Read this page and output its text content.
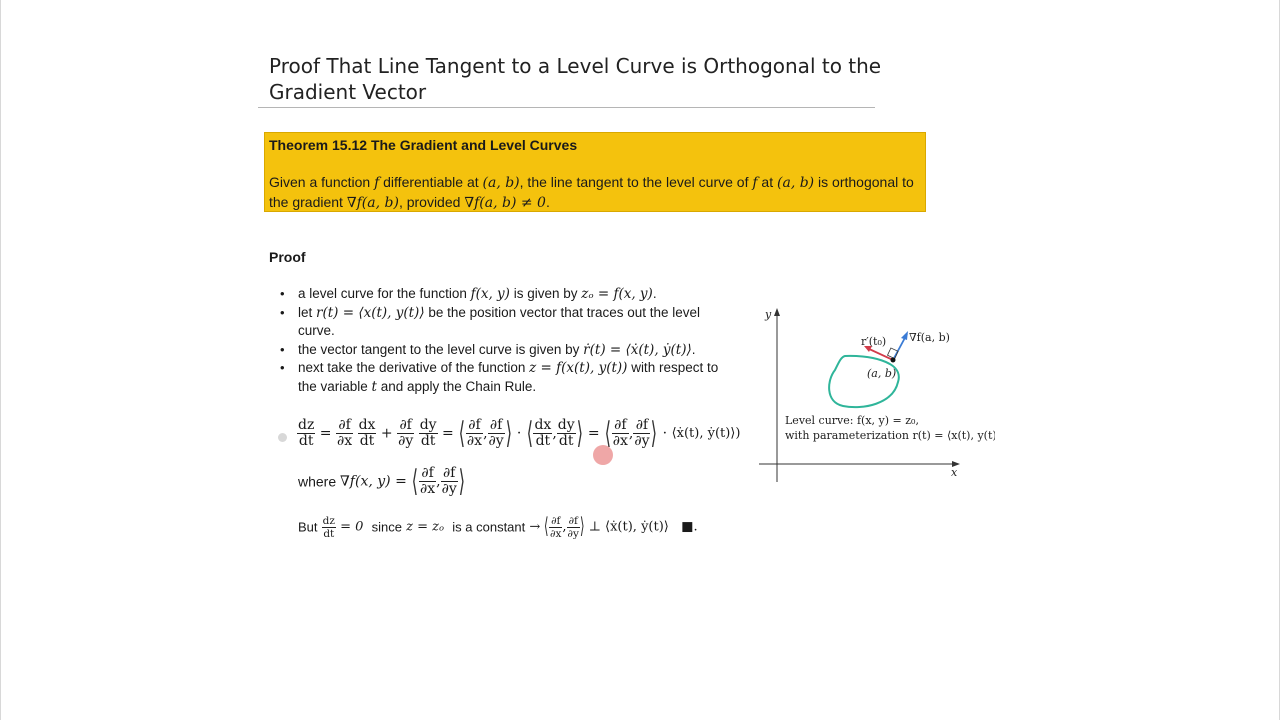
Proof That Line Tangent to a Level Curve is Orthogonal to the Gradient Vector
Theorem 15.12 The Gradient and Level Curves
Given a function f differentiable at (a, b), the line tangent to the level curve of f at (a, b) is orthogonal to the gradient ∇f(a, b), provided ∇f(a, b) ≠ 0.
Proof
• a level curve for the function f(x, y) is given by zₒ = f(x, y).
• let r(t) = ⟨x(t), y(t)⟩ be the position vector that traces out the level curve.
• the vector tangent to the level curve is given by ṙ(t) = ⟨ẋ(t), ẏ(t)⟩.
• next take the derivative of the function z = f(x(t), y(t)) with respect to the variable t and apply the Chain Rule.
$\frac{dz}{dt} = \frac{\partial f}{\partial x}$
$\frac{dx}{dt} + \frac{\partial f}{\partial y}$
$\frac{dy}{dt}$ = ⟨ $\frac{\partial f}{\partial x}$ , $\frac{\partial f}{\partial y}$ ⟩ · ⟨ $\frac{dx}{dt}$ , $\frac{dy}{dt}$ ⟩ = ⟨ $\frac{\partial f}{\partial x}$ , $\frac{\partial f}{\partial y}$ ⟩ · ⟨ẋ(t), ẏ(t)⟩)
where ∇f(x, y) = ⟨ $\frac{\partial f}{\partial x}$ , $\frac{\partial f}{\partial y}$ ⟩
But $\frac{dz}{dt} = 0$ since z = zₒ is a constant → ⟨ $\frac{\partial f}{\partial x}$ , $\frac{\partial f}{\partial y}$ ⟩ ⊥ ⟨ẋ(t), ẏ(t)⟩ ■.
y
x
r′(t₀) ∇f(a, b)
(a, b)
Level curve: f(x, y) = z₀,
with parameterization r(t) = ⟨x(t), y(t)⟩
